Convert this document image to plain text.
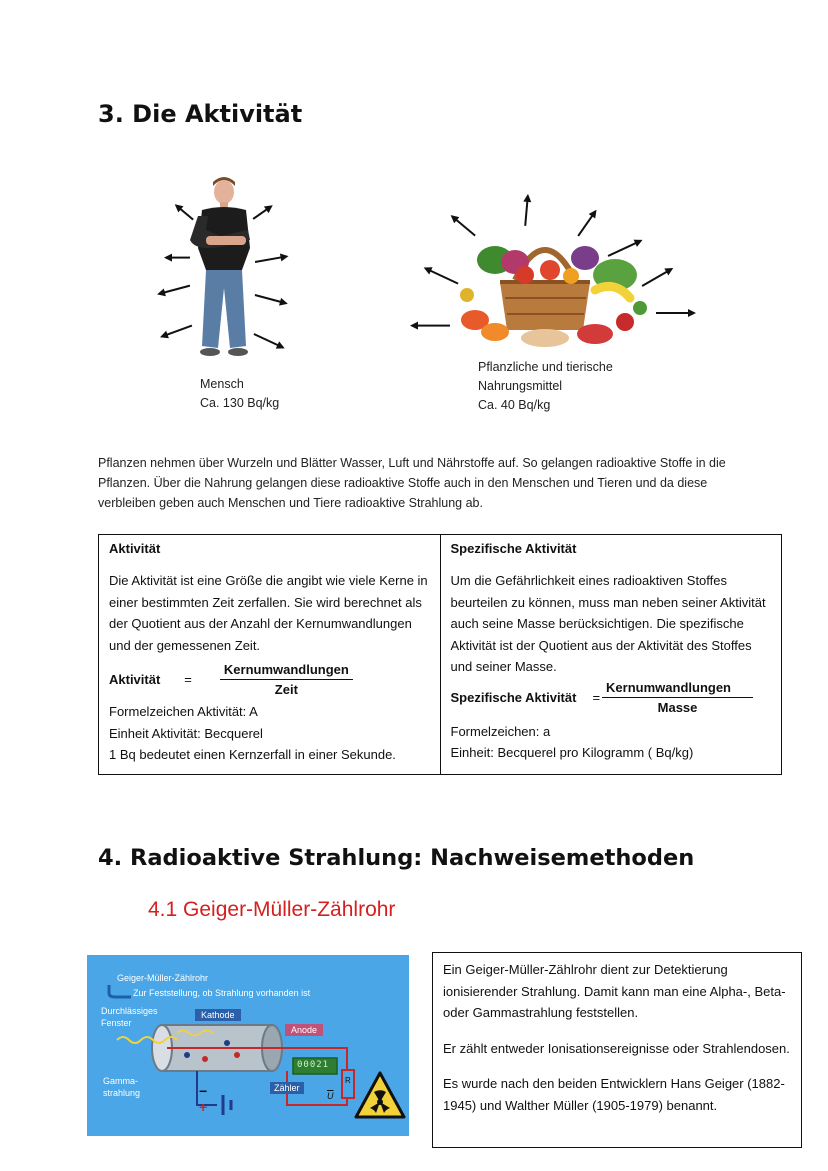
3. Die Aktivität
Mensch
Ca. 130 Bq/kg
Pflanzliche und tierische
Nahrungsmittel
Ca. 40 Bq/kg
Pflanzen nehmen über Wurzeln und Blätter Wasser, Luft und Nährstoffe auf. So gelangen radioaktive Stoffe in die Pflanzen. Über die Nahrung gelangen diese radioaktive Stoffe auch in den Menschen und Tieren und da diese verbleiben geben auch Menschen und Tiere radioaktive Strahlung ab.
Aktivität
Die Aktivität ist eine Größe die angibt wie viele Kerne in einer bestimmten Zeit zerfallen. Sie wird berechnet als der Quotient aus der Anzahl der Kernumwandlungen und der gemessenen Zeit.
Aktivität = $\frac{\text{Kernumwandlungen}}{\text{Zeit}}$
Formelzeichen Aktivität: A
Einheit Aktivität: Becquerel
1 Bq bedeutet einen Kernzerfall in einer Sekunde.

Spezifische Aktivität
Um die Gefährlichkeit eines radioaktiven Stoffes beurteilen zu können, muss man neben seiner Aktivität auch seine Masse berücksichtigen. Die spezifische Aktivität ist der Quotient aus der Aktivität des Stoffes und seiner Masse.
Spezifische Aktivität = $\frac{\text{Kernumwandlungen}}{\text{Masse}}$
Formelzeichen: a
Einheit: Becquerel pro Kilogramm ( Bq/kg)
4. Radioaktive Strahlung: Nachweisemethoden
4.1 Geiger-Müller-Zählrohr
Geiger-Müller-Zählrohr
Zur Feststellung, ob Strahlung vorhanden ist
Durchlässiges Fenster
Kathode
Anode
00021
Zähler
Gamma-strahlung	−
+
R
$\overline{U}$

Ein Geiger-Müller-Zählrohr dient zur Detektierung ionisierender Strahlung. Damit kann man eine Alpha-, Beta- oder Gammastrahlung feststellen.

Er zählt entweder Ionisationsereignisse oder Strahlendosen.

Es wurde nach den beiden Entwicklern Hans Geiger (1882-1945) und Walther Müller (1905-1979) benannt.
